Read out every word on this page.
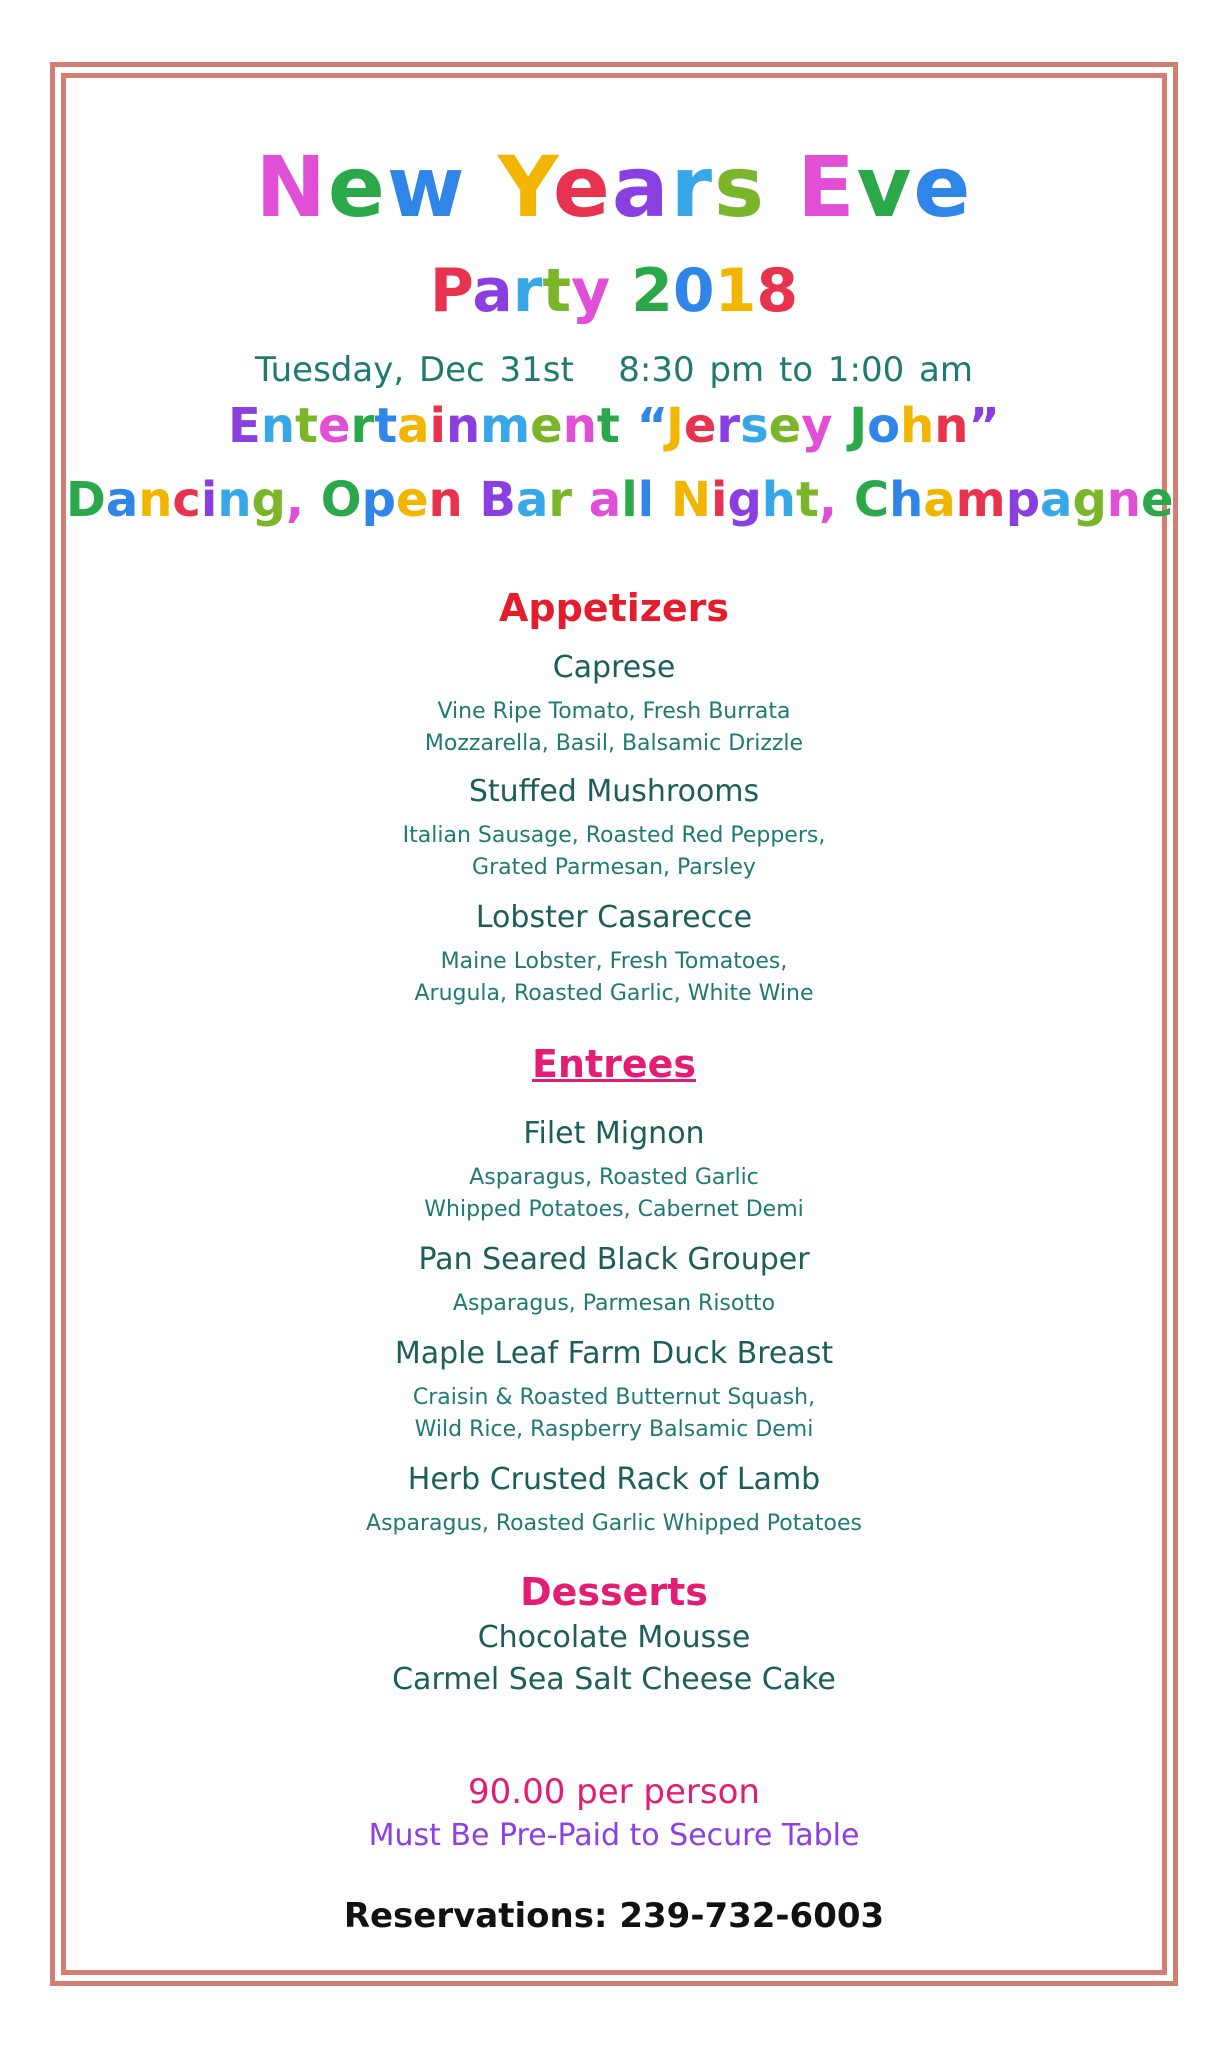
New Years Eve
Party 2018
Tuesday, Dec 31st   8:30 pm to 1:00 am
Entertainment “Jersey John”
Dancing, Open Bar all Night, Champagne
Appetizers
Caprese
Vine Ripe Tomato, Fresh Burrata
Mozzarella, Basil, Balsamic Drizzle
Stuffed Mushrooms
Italian Sausage, Roasted Red Peppers,
Grated Parmesan, Parsley
Lobster Casarecce
Maine Lobster, Fresh Tomatoes,
Arugula, Roasted Garlic, White Wine
Entrees
Filet Mignon
Asparagus, Roasted Garlic
Whipped Potatoes, Cabernet Demi
Pan Seared Black Grouper
Asparagus, Parmesan Risotto
Maple Leaf Farm Duck Breast
Craisin & Roasted Butternut Squash,
Wild Rice, Raspberry Balsamic Demi
Herb Crusted Rack of Lamb
Asparagus, Roasted Garlic Whipped Potatoes
Desserts
Chocolate Mousse
Carmel Sea Salt Cheese Cake
90.00 per person
Must Be Pre-Paid to Secure Table
Reservations: 239-732-6003
